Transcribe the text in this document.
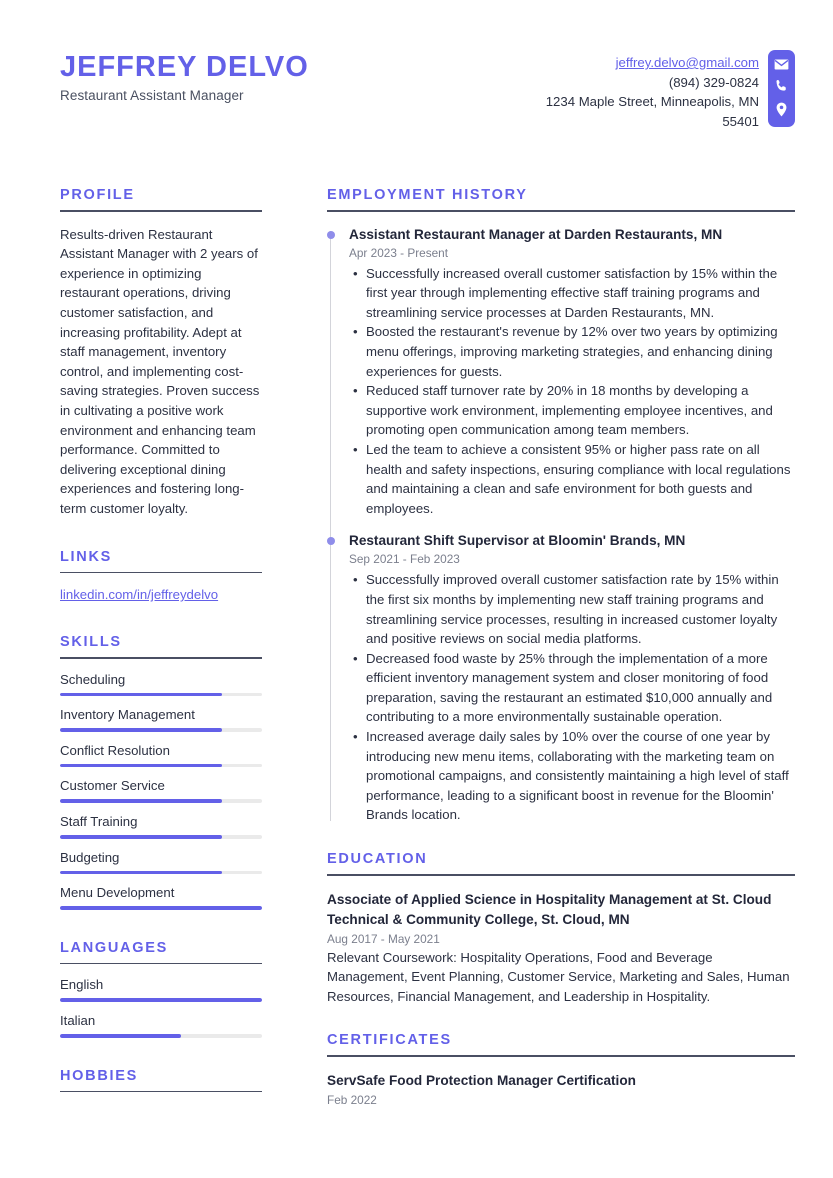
JEFFREY DELVO
Restaurant Assistant Manager
jeffrey.delvo@gmail.com
(894) 329-0824
1234 Maple Street, Minneapolis, MN 55401
PROFILE
Results-driven Restaurant Assistant Manager with 2 years of experience in optimizing restaurant operations, driving customer satisfaction, and increasing profitability. Adept at staff management, inventory control, and implementing cost-saving strategies. Proven success in cultivating a positive work environment and enhancing team performance. Committed to delivering exceptional dining experiences and fostering long-term customer loyalty.
LINKS
linkedin.com/in/jeffreydelvo
SKILLS
Scheduling
Inventory Management
Conflict Resolution
Customer Service
Staff Training
Budgeting
Menu Development
LANGUAGES
English
Italian
HOBBIES
EMPLOYMENT HISTORY
Assistant Restaurant Manager at Darden Restaurants, MN
Apr 2023 - Present
• Successfully increased overall customer satisfaction by 15% within the first year through implementing effective staff training programs and streamlining service processes at Darden Restaurants, MN.
• Boosted the restaurant's revenue by 12% over two years by optimizing menu offerings, improving marketing strategies, and enhancing dining experiences for guests.
• Reduced staff turnover rate by 20% in 18 months by developing a supportive work environment, implementing employee incentives, and promoting open communication among team members.
• Led the team to achieve a consistent 95% or higher pass rate on all health and safety inspections, ensuring compliance with local regulations and maintaining a clean and safe environment for both guests and employees.
Restaurant Shift Supervisor at Bloomin' Brands, MN
Sep 2021 - Feb 2023
• Successfully improved overall customer satisfaction rate by 15% within the first six months by implementing new staff training programs and streamlining service processes, resulting in increased customer loyalty and positive reviews on social media platforms.
• Decreased food waste by 25% through the implementation of a more efficient inventory management system and closer monitoring of food preparation, saving the restaurant an estimated $10,000 annually and contributing to a more environmentally sustainable operation.
• Increased average daily sales by 10% over the course of one year by introducing new menu items, collaborating with the marketing team on promotional campaigns, and consistently maintaining a high level of staff performance, leading to a significant boost in revenue for the Bloomin' Brands location.
EDUCATION
Associate of Applied Science in Hospitality Management at St. Cloud Technical & Community College, St. Cloud, MN
Aug 2017 - May 2021
Relevant Coursework: Hospitality Operations, Food and Beverage Management, Event Planning, Customer Service, Marketing and Sales, Human Resources, Financial Management, and Leadership in Hospitality.
CERTIFICATES
ServSafe Food Protection Manager Certification
Feb 2022
